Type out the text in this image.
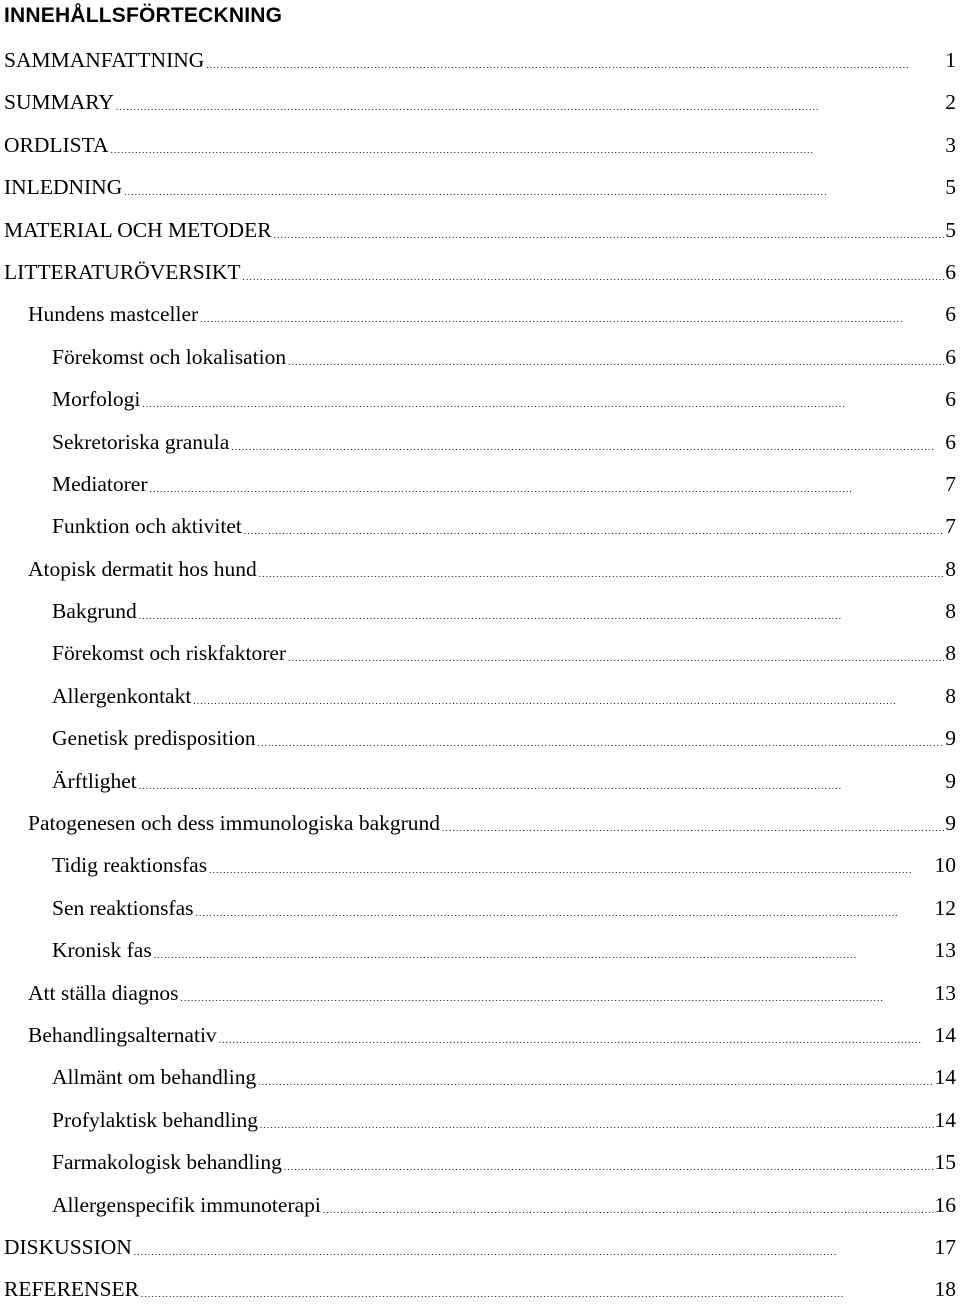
INNEHÅLLSFÖRTECKNING
SAMMANFATTNING . . .	1
SUMMARY . . .	2
ORDLISTA . . .	3
INLEDNING . . .	5
MATERIAL OCH METODER . . .	5
LITTERATURÖVERSIKT . . .	6
Hundens mastceller . . .	6
Förekomst och lokalisation . . .	6
Morfologi . . .	6
Sekretoriska granula . . .	6
Mediatorer . . .	7
Funktion och aktivitet . . .	7
Atopisk dermatit hos hund . . .	8
Bakgrund . . .	8
Förekomst och riskfaktorer . . .	8
Allergenkontakt . . .	8
Genetisk predisposition . . .	9
Ärftlighet . . .	9
Patogenesen och dess immunologiska bakgrund . . .	9
Tidig reaktionsfas . . .	10
Sen reaktionsfas . . .	12
Kronisk fas . . .	13
Att ställa diagnos . . .	13
Behandlingsalternativ . . .	14
Allmänt om behandling . . .	14
Profylaktisk behandling . . .	14
Farmakologisk behandling . . .	15
Allergenspecifik immunoterapi . . .	16
DISKUSSION . . .	17
REFERENSER . . .	18
